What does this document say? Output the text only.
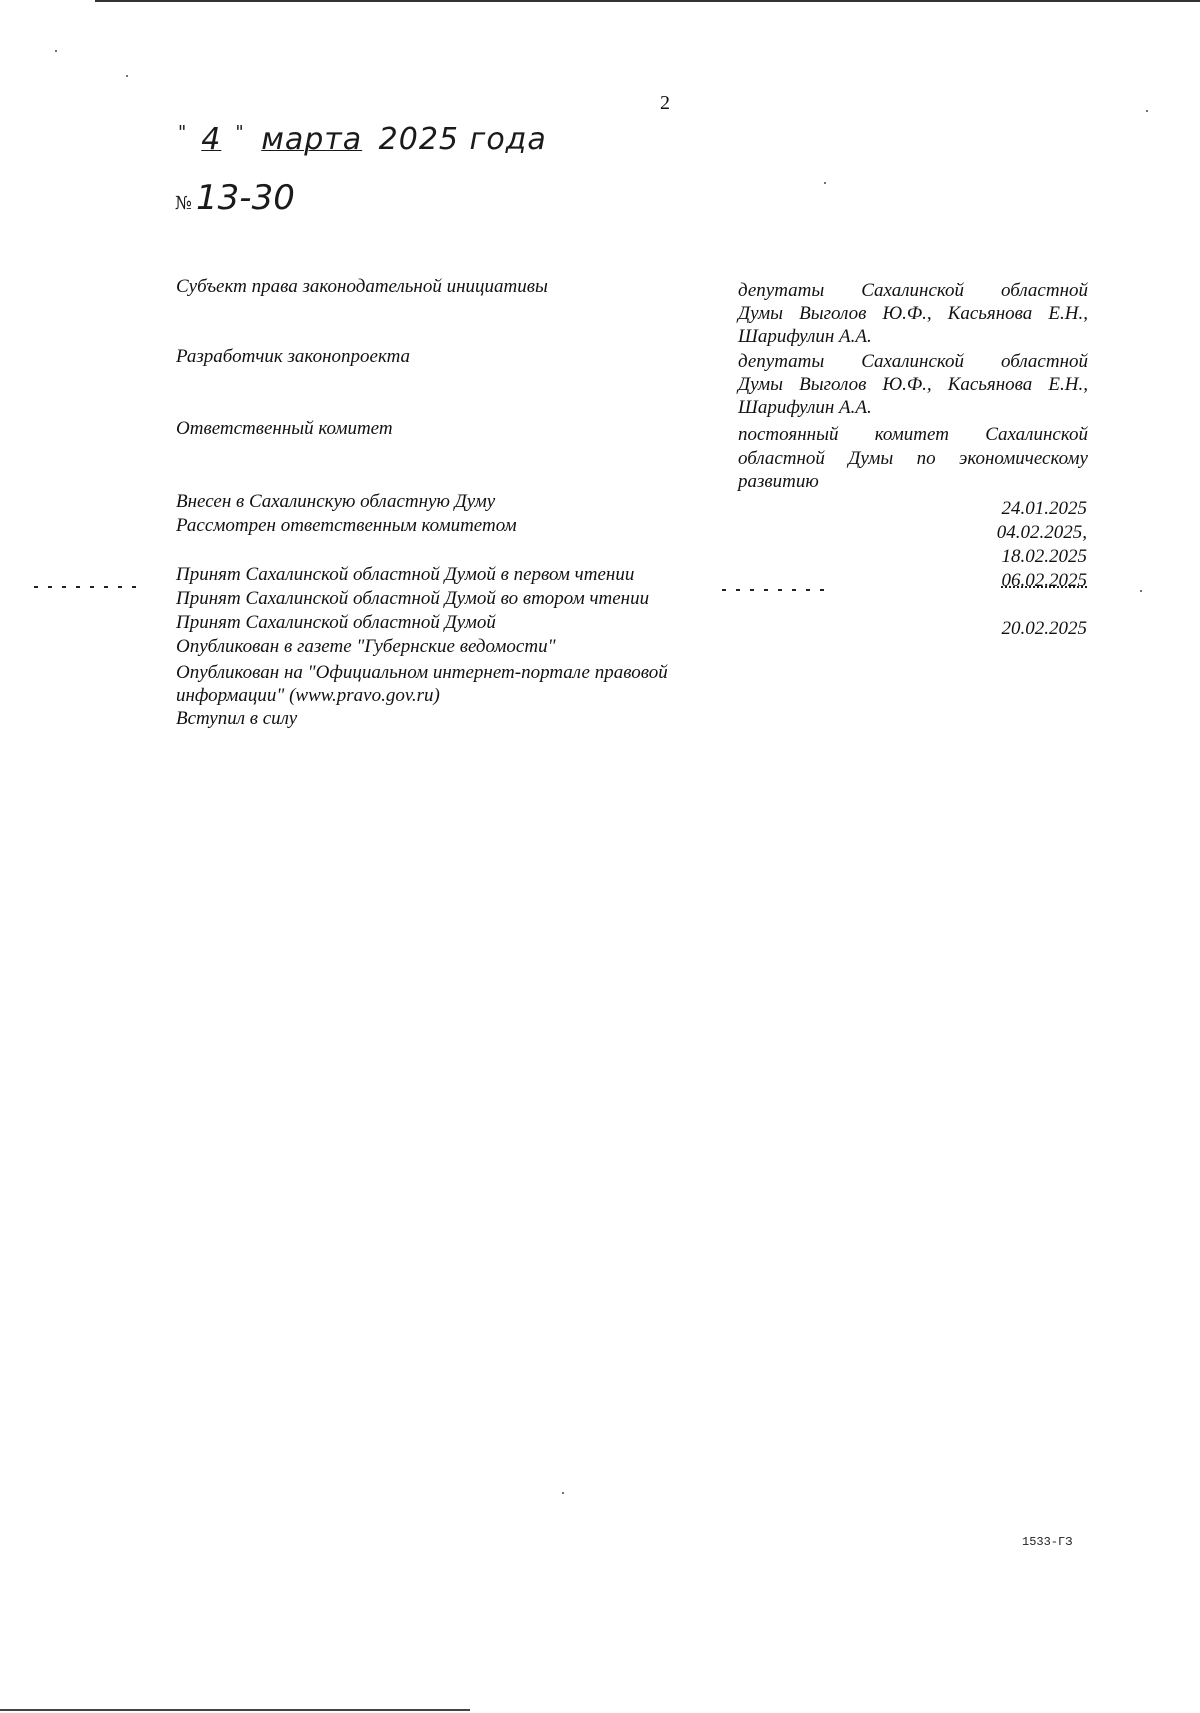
2
" 4 " марта 2025 года
№ 13-30
Субъект права законодательной инициативы
Разработчик законопроекта
Ответственный комитет
Внесен в Сахалинскую областную Думу
Рассмотрен ответственным комитетом
Принят Сахалинской областной Думой в первом чтении
Принят Сахалинской областной Думой во втором чтении
Принят Сахалинской областной Думой
Опубликован в газете "Губернские ведомости"
Опубликован на "Официальном интернет-портале правовой
информации" (www.pravo.gov.ru)
Вступил в силу
депутаты Сахалинской областной
Думы Выголов Ю.Ф., Касьянова Е.Н.,
Шарифулин А.А.
депутаты Сахалинской областной
Думы Выголов Ю.Ф., Касьянова Е.Н.,
Шарифулин А.А.
постоянный комитет Сахалинской
областной Думы по экономическому
развитию
24.01.2025
04.02.2025,
18.02.2025
06.02.2025
20.02.2025
1533-ГЗ
